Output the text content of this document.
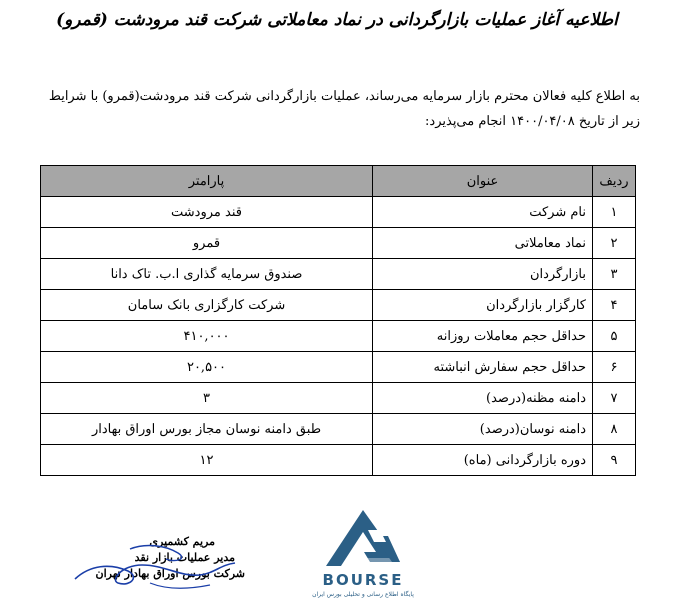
اطلاعیه آغاز عملیات بازارگردانی در نماد معاملاتی شرکت قند مرودشت (قمرو)
به اطلاع کلیه فعالان محترم بازار سرمایه می‌رساند، عملیات بازارگردانی شرکت قند مرودشت(قمرو) با شرایط
زیر از تاریخ ۱۴۰۰/۰۴/۰۸ انجام می‌پذیرد:
ردیف	عنوان	پارامتر
۱	نام شرکت	قند مرودشت
۲	نماد معاملاتی	قمرو
۳	بازارگردان	صندوق سرمایه گذاری ا.ب. تاک دانا
۴	کارگزار بازارگردان	شرکت کارگزاری بانک سامان
۵	حداقل حجم معاملات روزانه	۴۱۰,۰۰۰
۶	حداقل حجم سفارش انباشته	۲۰,۵۰۰
۷	دامنه مظنه(درصد)	۳
۸	دامنه نوسان(درصد)	طبق دامنه نوسان مجاز بورس اوراق بهادار
۹	دوره بازارگردانی (ماه)	۱۲
BOURSE
پایگاه اطلاع رسانی و تحلیلی بورس ایران
مریم کشمیری
مدیر عملیات بازار نقد
شرکت بورس اوراق بهادار تهران
